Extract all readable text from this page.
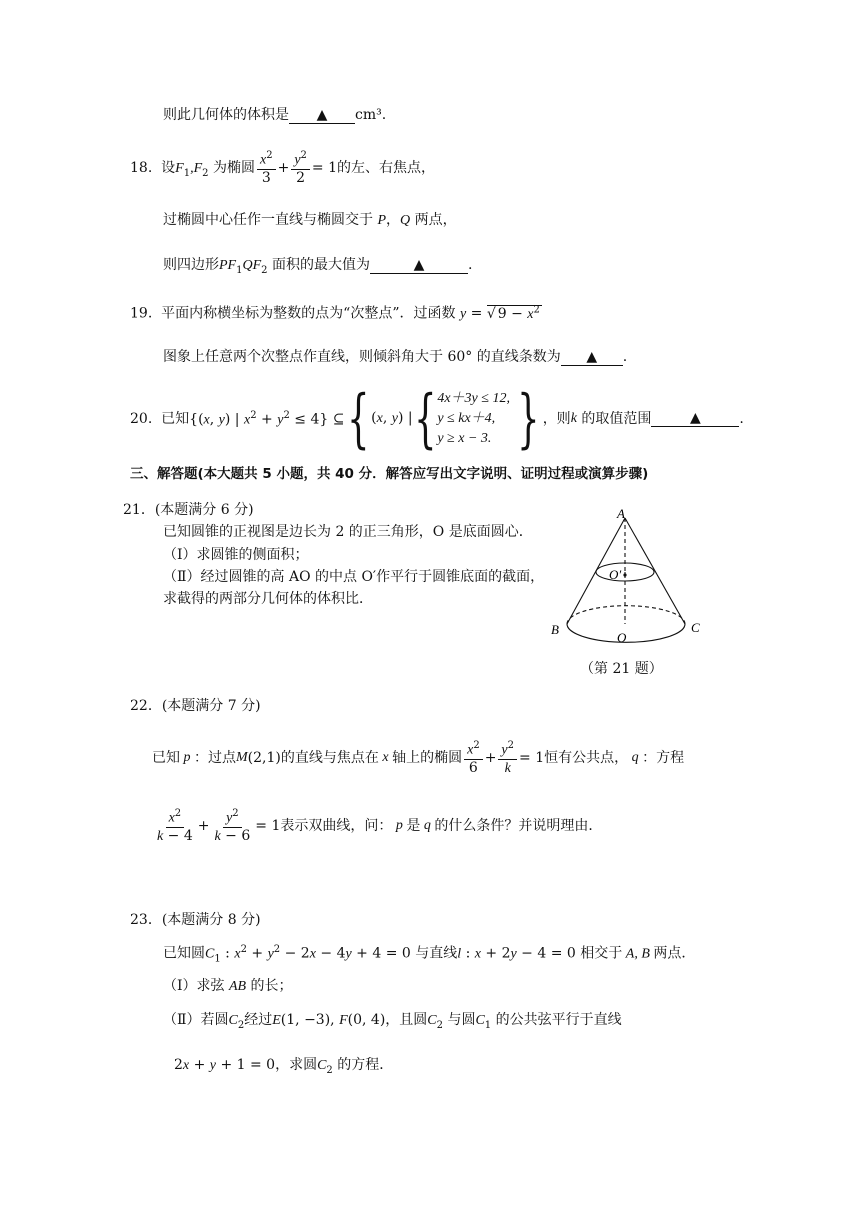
则此几何体的体积是 ▲ cm³.
18. 设$F_1,F_2$ 为椭圆 $\frac{x^2}{3} + \frac{y^2}{2} = 1$的左、右焦点，
过椭圆中心任作一直线与椭圆交于 P，Q 两点，
则四边形$PF_1QF_2$ 面积的最大值为	▲	.
19. 平面内称横坐标为整数的点为“次整点”．过函数 y = √ $9 - x^2$
图象上任意两个次整点作直线，则倾斜角大于 60° 的直线条数为 ▲ .
20.
已知 {(x, y) | $x^2 + y^2 \le 4$} ⊆ { (x, y) | { 4x＋3y ≤ 12,
y ≤ kx＋4,
y ≥ x − 3. } ，则 k
的取值范围	▲	.
三、解答题(本大题共 5 小题，共 40 分．解答应写出文字说明、证明过程或演算步骤)
21．(本题满分 6 分)
已知圆锥的正视图是边长为 2 的正三角形，O 是底面圆心．
（Ⅰ）求圆锥的侧面积；
（Ⅱ）经过圆锥的高 AO 的中点 O′作平行于圆锥底面的截面，
求截得的两部分几何体的体积比．
A
O′
B	C
O
（第 21 题）
22．(本题满分 7 分)
已知 p ：过点 M (2,1) 的直线与焦点在 x 轴上的椭圆 $\frac{x^2}{6} + \frac{y^2}{k} = 1$ 恒有公共点， q ：方程
$\frac{x^2}{k - 4} + \frac{y^2}{k - 6} = 1$ 表示双曲线，问： p 是 q 的什么条件？并说明理由．
23．(本题满分 8 分)
已知圆$C_1$ : $x^2 + y^2 - 2x - 4y + 4 = 0$ 与直线l : x + 2y − 4 = 0 相交于 A, B 两点．
（Ⅰ）求弦 AB 的长；
（Ⅱ）若圆$C_2$经过E(1, −3), F(0, 4)，且圆$C_2$ 与圆$C_1$ 的公共弦平行于直线
2x + y + 1 = 0，求圆$C_2$ 的方程．
